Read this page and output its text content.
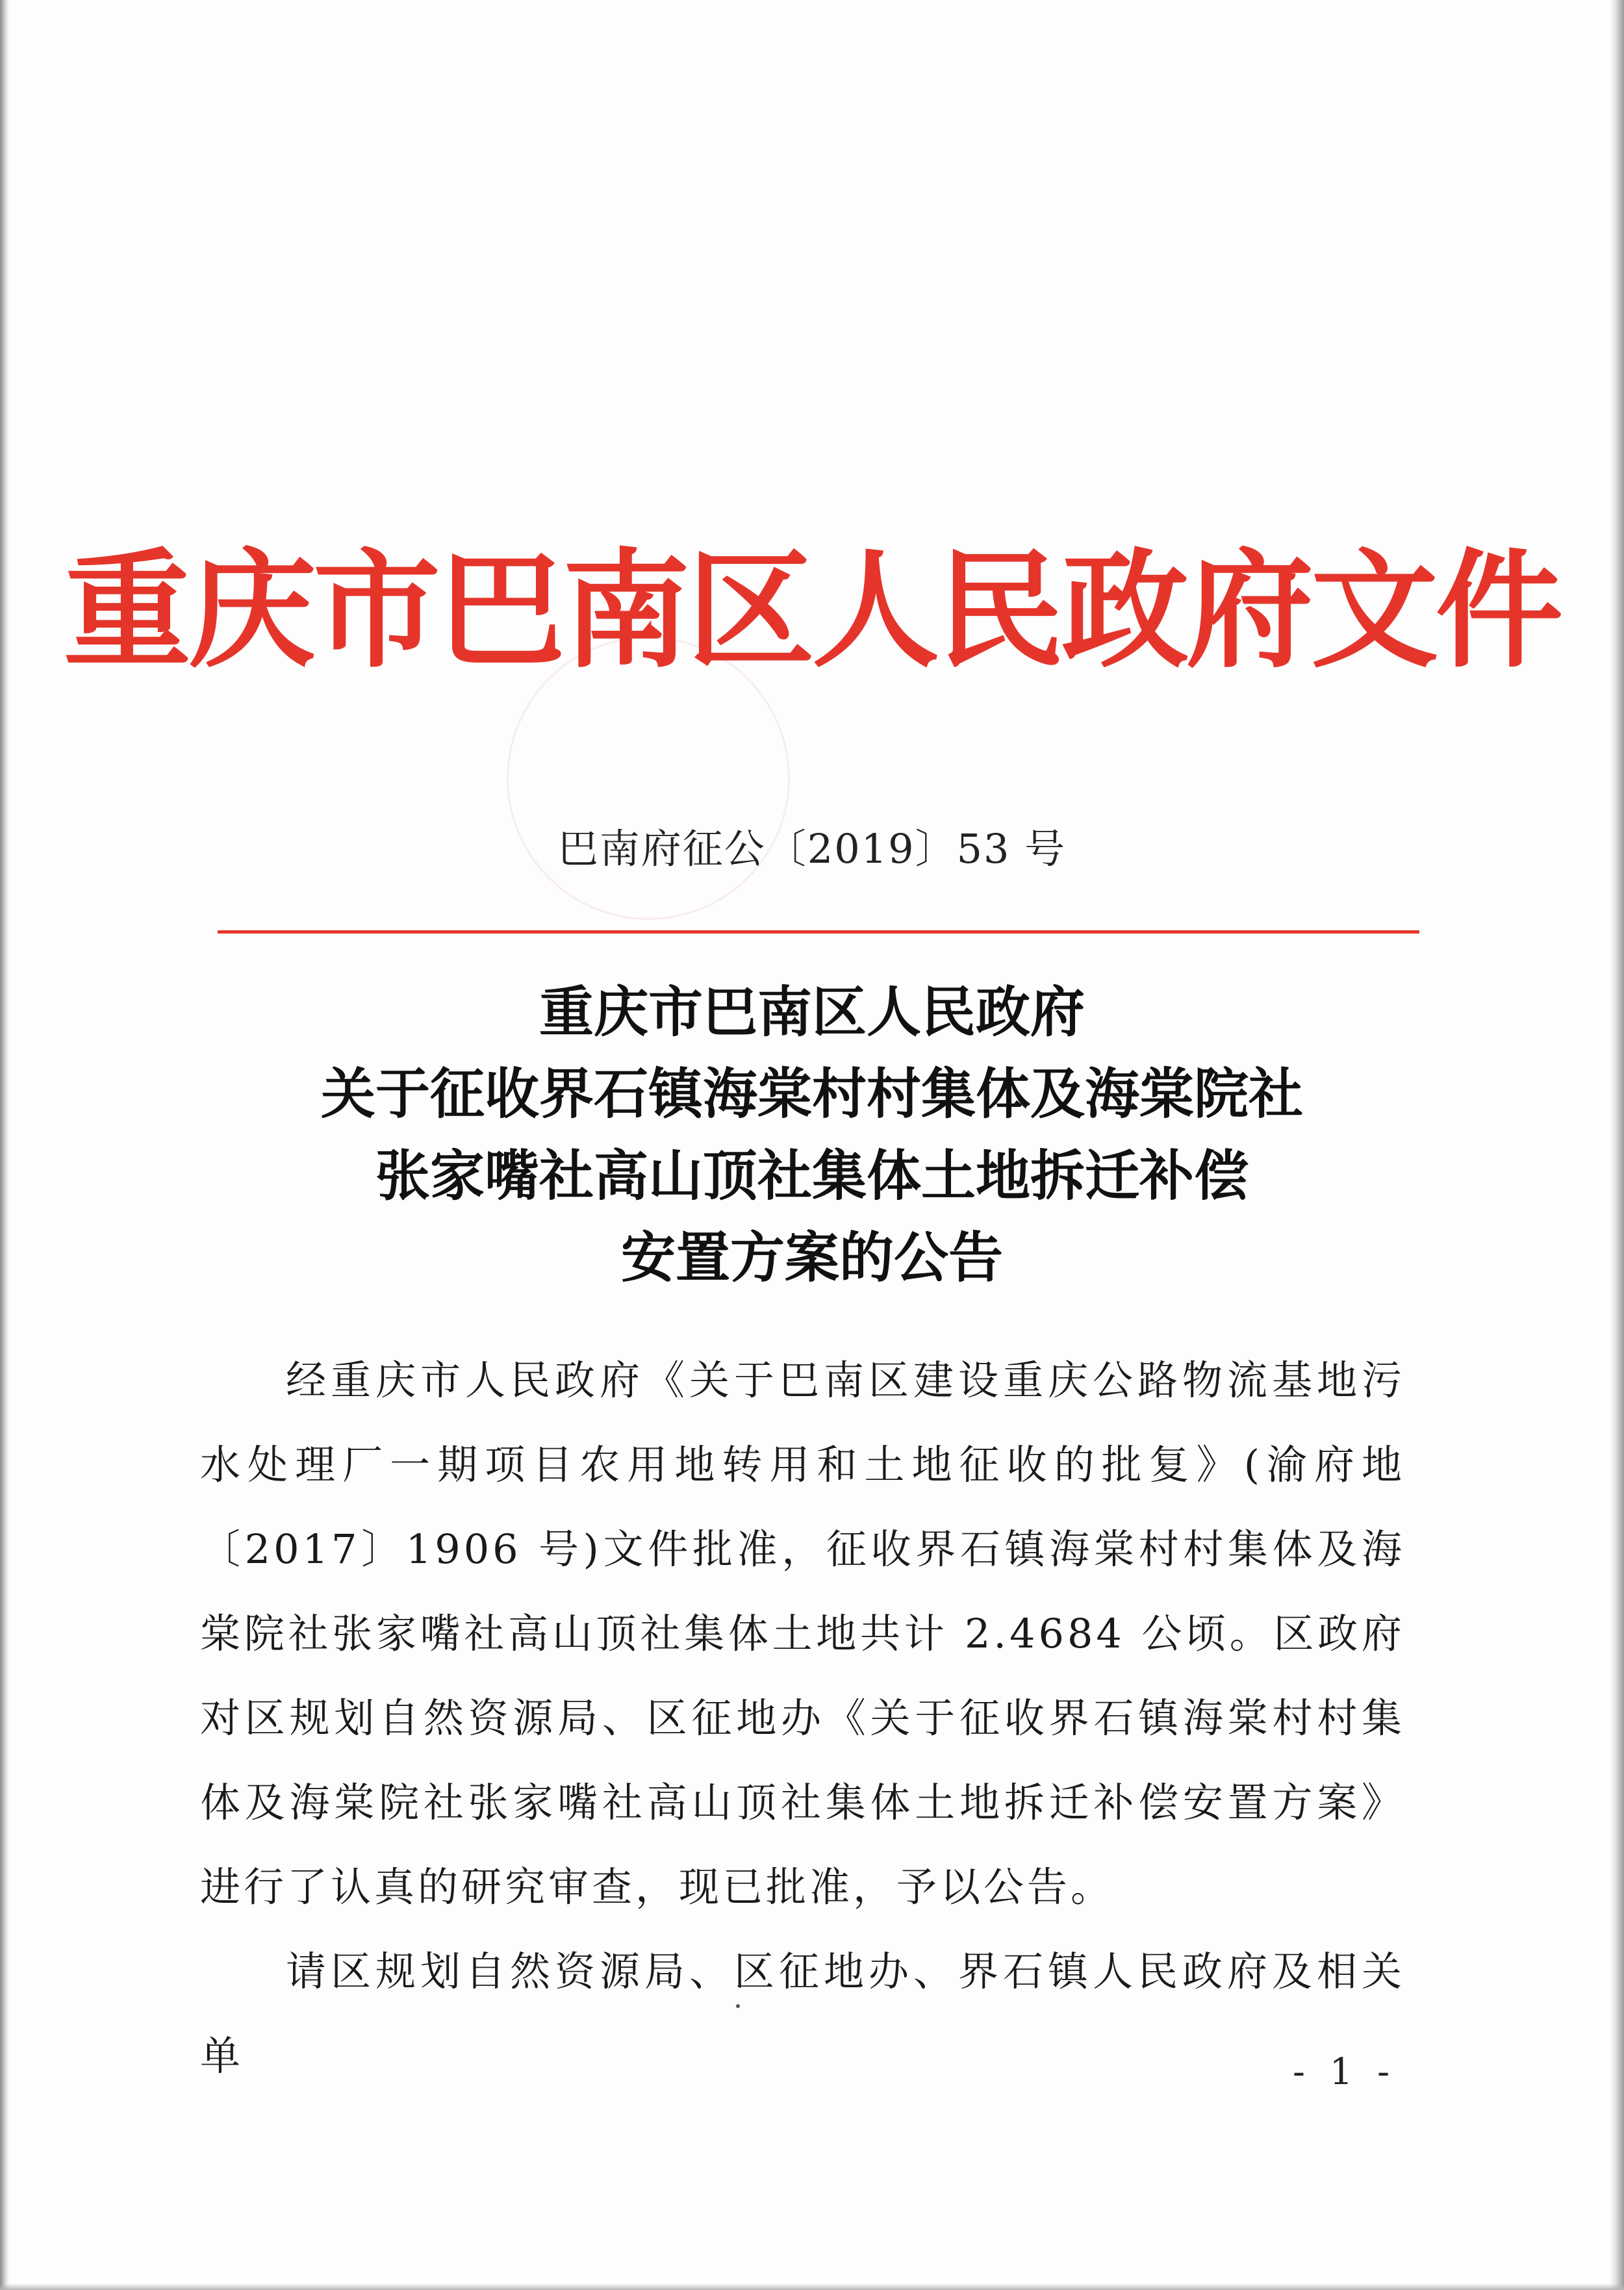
重庆市巴南区人民政府文件
巴南府征公〔2019〕53 号
重庆市巴南区人民政府
关于征收界石镇海棠村村集体及海棠院社
张家嘴社高山顶社集体土地拆迁补偿
安置方案的公告

经重庆市人民政府《关于巴南区建设重庆公路物流基地污水处理厂一期项目农用地转用和土地征收的批复》(渝府地〔2017〕1906 号)文件批准，征收界石镇海棠村村集体及海棠院社张家嘴社高山顶社集体土地共计 2.4684 公顷。区政府对区规划自然资源局、区征地办《关于征收界石镇海棠村村集体及海棠院社张家嘴社高山顶社集体土地拆迁补偿安置方案》进行了认真的研究审查，现已批准，予以公告。

请区规划自然资源局、区征地办、界石镇人民政府及相关单	- 1 -
